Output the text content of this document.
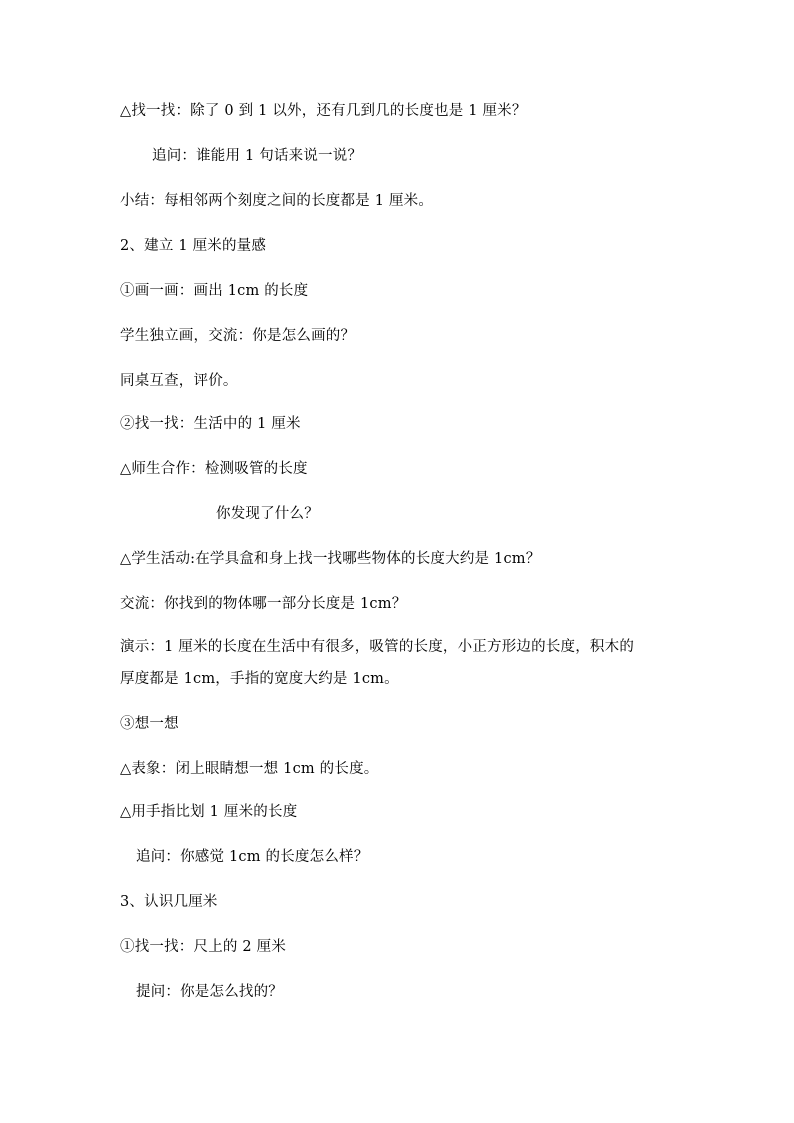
△找一找：除了 0 到 1 以外，还有几到几的长度也是 1 厘米？
追问：谁能用 1 句话来说一说？
小结：每相邻两个刻度之间的长度都是 1 厘米。
2、建立 1 厘米的量感
①画一画：画出 1cm 的长度
学生独立画，交流：你是怎么画的？
同桌互查，评价。
②找一找：生活中的 1 厘米
△师生合作：检测吸管的长度
你发现了什么？
△学生活动:在学具盒和身上找一找哪些物体的长度大约是 1cm？
交流：你找到的物体哪一部分长度是 1cm？
演示：1 厘米的长度在生活中有很多，吸管的长度，小正方形边的长度，积木的
厚度都是 1cm，手指的宽度大约是 1cm。
③想一想
△表象：闭上眼睛想一想 1cm 的长度。
△用手指比划 1 厘米的长度
追问：你感觉 1cm 的长度怎么样？
3、认识几厘米
①找一找：尺上的 2 厘米
提问：你是怎么找的？
